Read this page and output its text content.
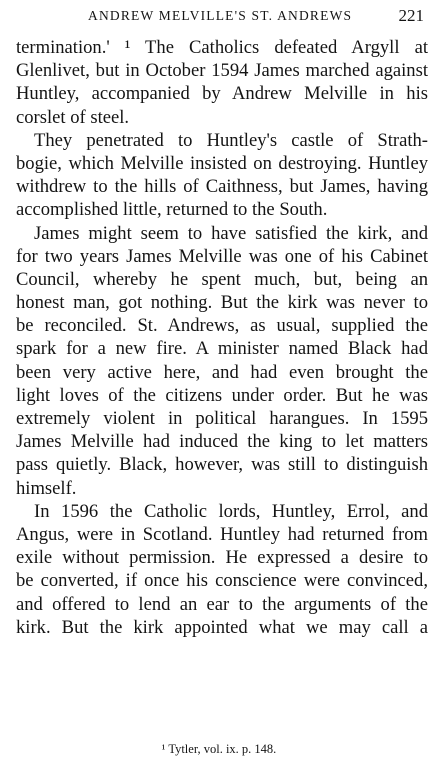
ANDREW MELVILLE'S ST. ANDREWS	221
termination.' ¹ The Catholics defeated Argyll at
Glenlivet, but in October 1594 James marched against
Huntley, accompanied by Andrew Melville in his
corslet of steel.
They penetrated to Huntley's castle of Strath-
bogie, which Melville insisted on destroying. Huntley
withdrew to the hills of Caithness, but James, having
accomplished little, returned to the South.
James might seem to have satisfied the kirk, and
for two years James Melville was one of his Cabinet
Council, whereby he spent much, but, being an
honest man, got nothing. But the kirk was never to
be reconciled. St. Andrews, as usual, supplied the
spark for a new fire. A minister named Black had
been very active here, and had even brought the
light loves of the citizens under order. But he was
extremely violent in political harangues. In 1595
James Melville had induced the king to let matters
pass quietly. Black, however, was still to distinguish
himself.
In 1596 the Catholic lords, Huntley, Errol, and
Angus, were in Scotland. Huntley had returned from
exile without permission. He expressed a desire to
be converted, if once his conscience were convinced,
and offered to lend an ear to the arguments of the
kirk. But the kirk appointed what we may call a
¹ Tytler, vol. ix. p. 148.
